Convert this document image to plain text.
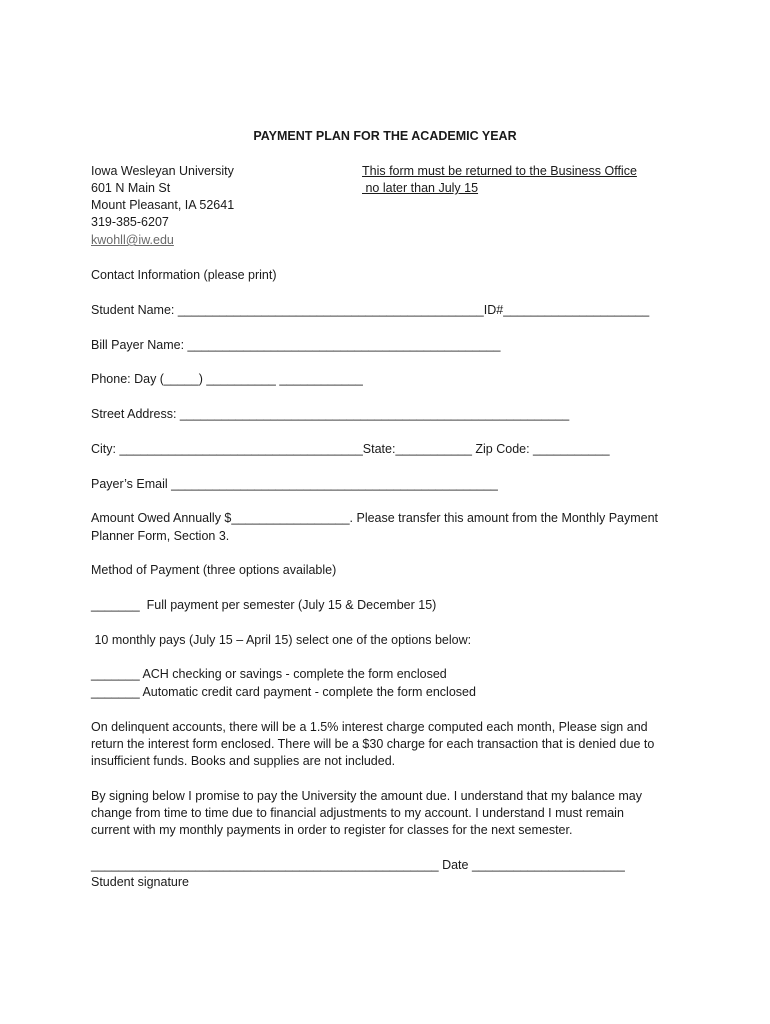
PAYMENT PLAN FOR THE ACADEMIC YEAR
Iowa Wesleyan University
601 N Main St
Mount Pleasant, IA 52641
319-385-6207
kwohll@iw.edu
This form must be returned to the Business Office
no later than July 15
Contact Information (please print)
Student Name: ____________________________________________ID#_____________________
Bill Payer Name: _____________________________________________
Phone: Day (_____) __________ ____________
Street Address: ________________________________________________________
City: ___________________________________State:___________ Zip Code: ___________
Payer’s Email _______________________________________________
Amount Owed Annually $_________________. Please transfer this amount from the Monthly Payment
Planner Form, Section 3.
Method of Payment (three options available)
_______  Full payment per semester (July 15 & December 15)
10 monthly pays (July 15 – April 15) select one of the options below:
_______ ACH checking or savings - complete the form enclosed
_______ Automatic credit card payment - complete the form enclosed
On delinquent accounts, there will be a 1.5% interest charge computed each month, Please sign and
return the interest form enclosed. There will be a $30 charge for each transaction that is denied due to
insufficient funds. Books and supplies are not included.
By signing below I promise to pay the University the amount due. I understand that my balance may
change from time to time due to financial adjustments to my account. I understand I must remain
current with my monthly payments in order to register for classes for the next semester.
__________________________________________________ Date ______________________
Student signature
